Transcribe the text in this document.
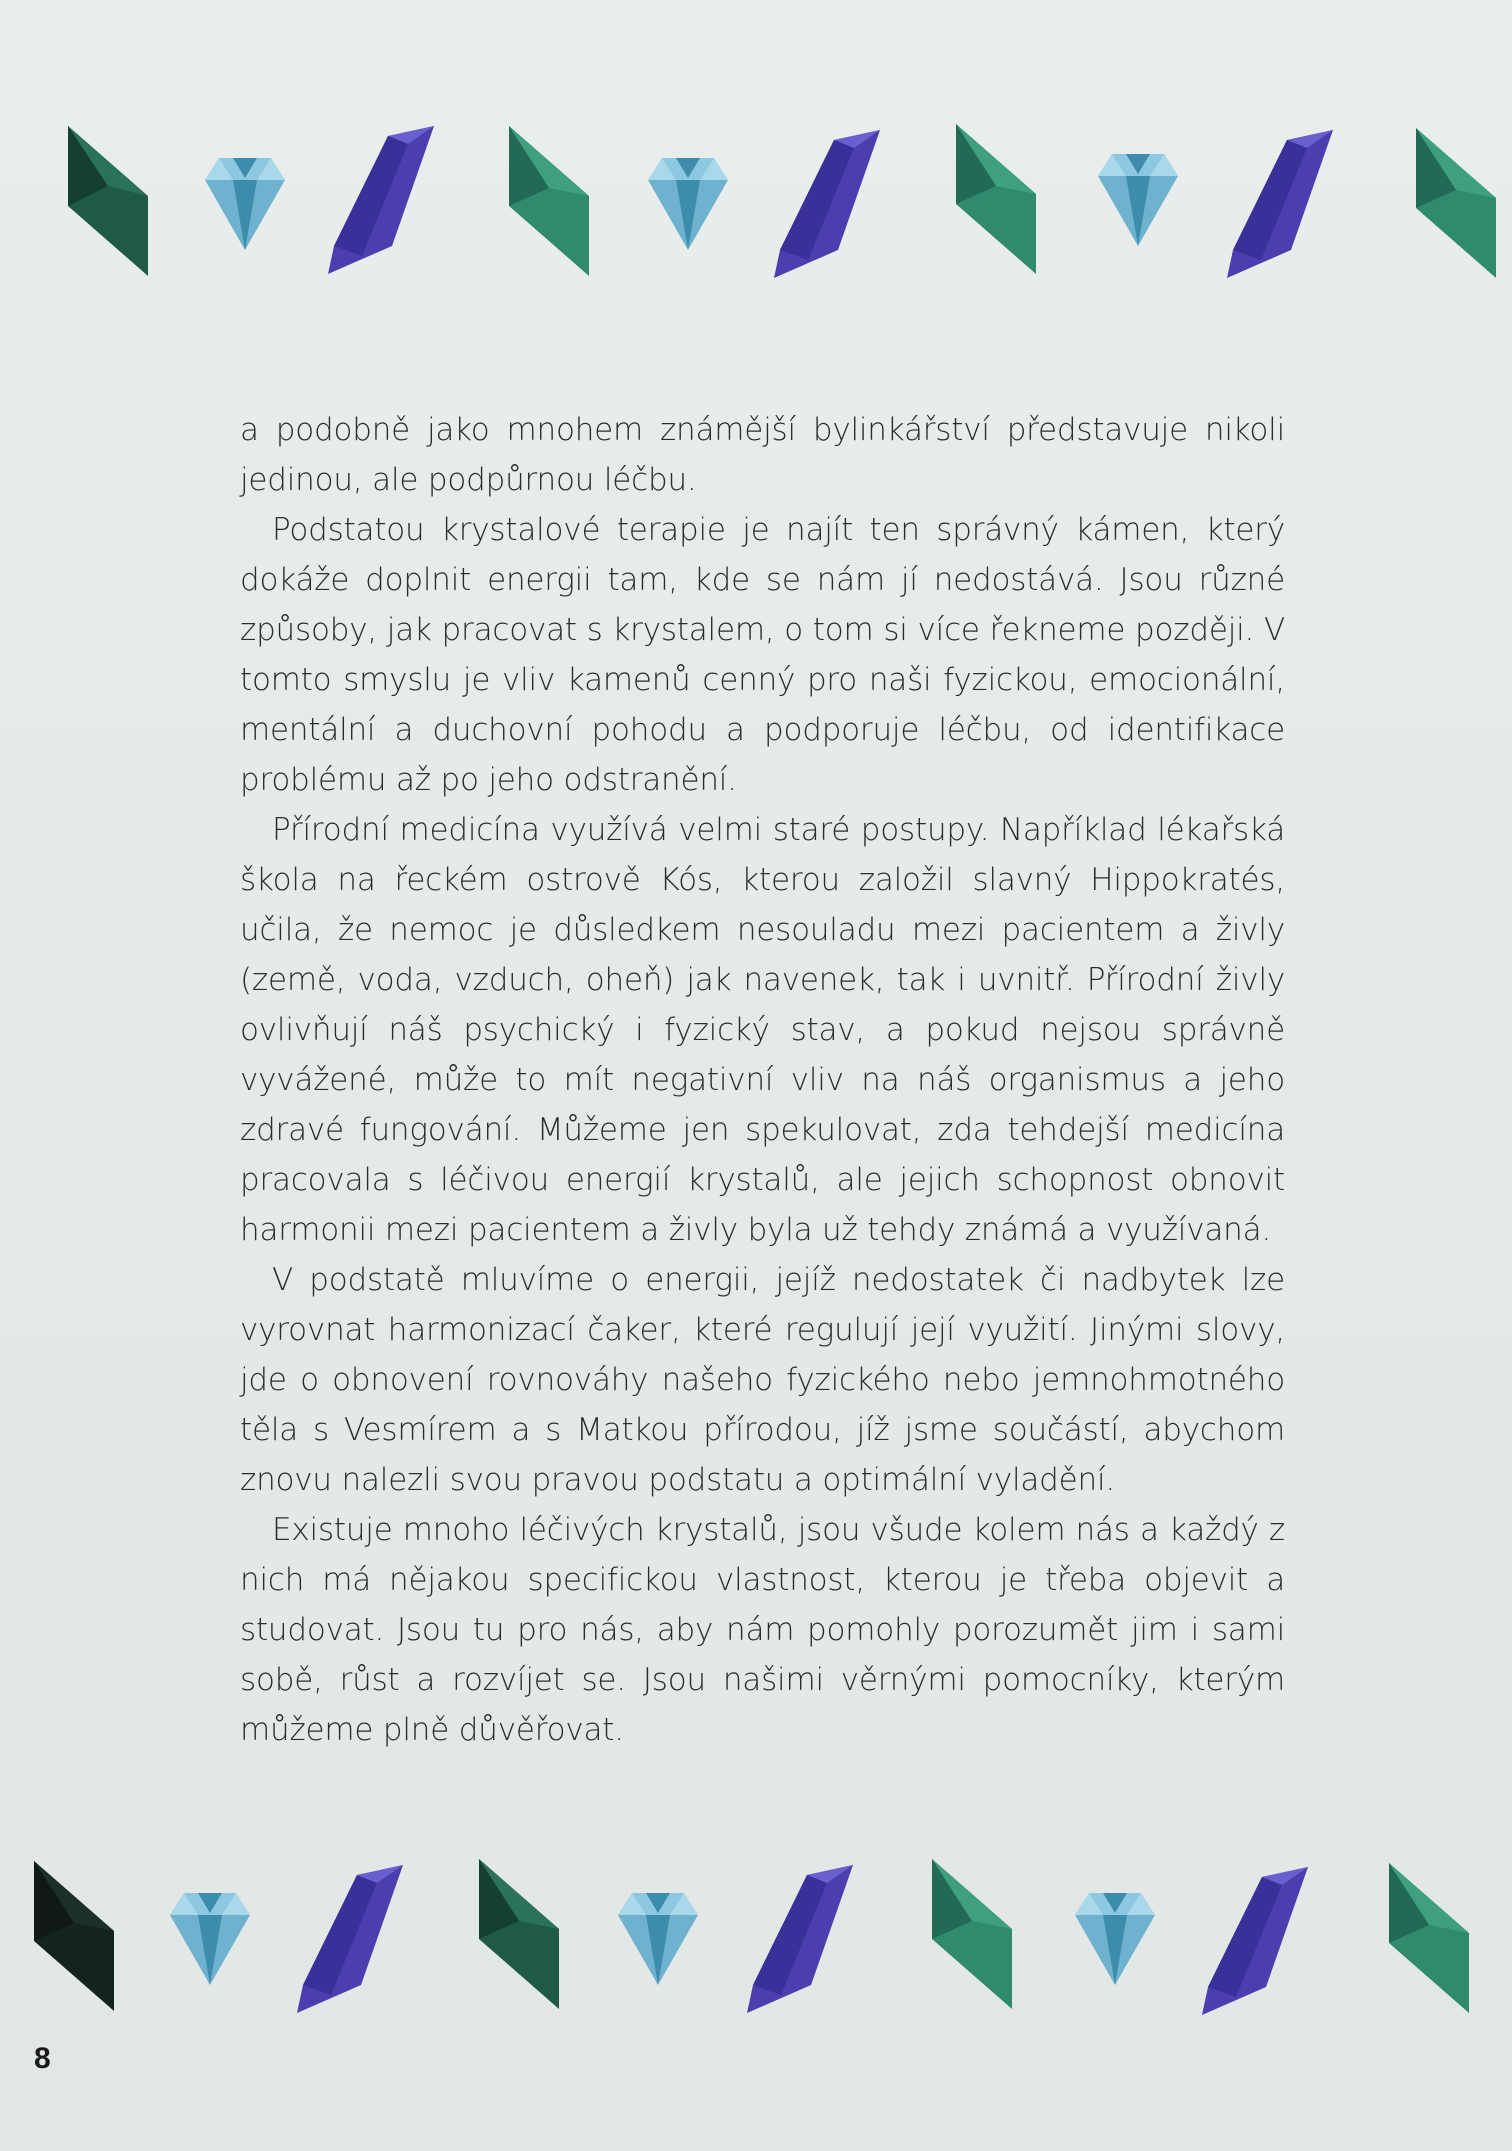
a podobně jako mnohem známější bylinkářství představuje nikoli jedinou, ale podpůrnou léčbu.

Podstatou krystalové terapie je najít ten správný kámen, který dokáže doplnit energii tam, kde se nám jí nedostává. Jsou různé způsoby, jak pracovat s krystalem, o tom si více řekneme později. V tomto smyslu je vliv kamenů cenný pro naši fyzickou, emocionální, mentální a duchovní pohodu a podporuje léčbu, od identifikace problému až po jeho odstranění.

Přírodní medicína využívá velmi staré postupy. Například lékařská škola na řeckém ostrově Kós, kterou založil slavný Hippokratés, učila, že nemoc je důsledkem nesouladu mezi pacientem a živly (země, voda, vzduch, oheň) jak navenek, tak i uvnitř. Přírodní živly ovlivňují náš psychický i fyzický stav, a pokud nejsou správně vyvážené, může to mít negativní vliv na náš organismus a jeho zdravé fungování. Můžeme jen spekulovat, zda tehdejší medicína pracovala s léčivou energií krystalů, ale jejich schopnost obnovit harmonii mezi pacientem a živly byla už tehdy známá a využívaná.

V podstatě mluvíme o energii, jejíž nedostatek či nadbytek lze vyrovnat harmonizací čaker, které regulují její využití. Jinými slovy, jde o obnovení rovnováhy našeho fyzického nebo jemnohmotného těla s Vesmírem a s Matkou přírodou, jíž jsme součástí, abychom znovu nalezli svou pravou podstatu a optimální vyladění.

Existuje mnoho léčivých krystalů, jsou všude kolem nás a každý z nich má nějakou specifickou vlastnost, kterou je třeba objevit a studovat. Jsou tu pro nás, aby nám pomohly porozumět jim i sami sobě, růst a rozvíjet se. Jsou našimi věrnými pomocníky, kterým můžeme plně důvěřovat.

8
